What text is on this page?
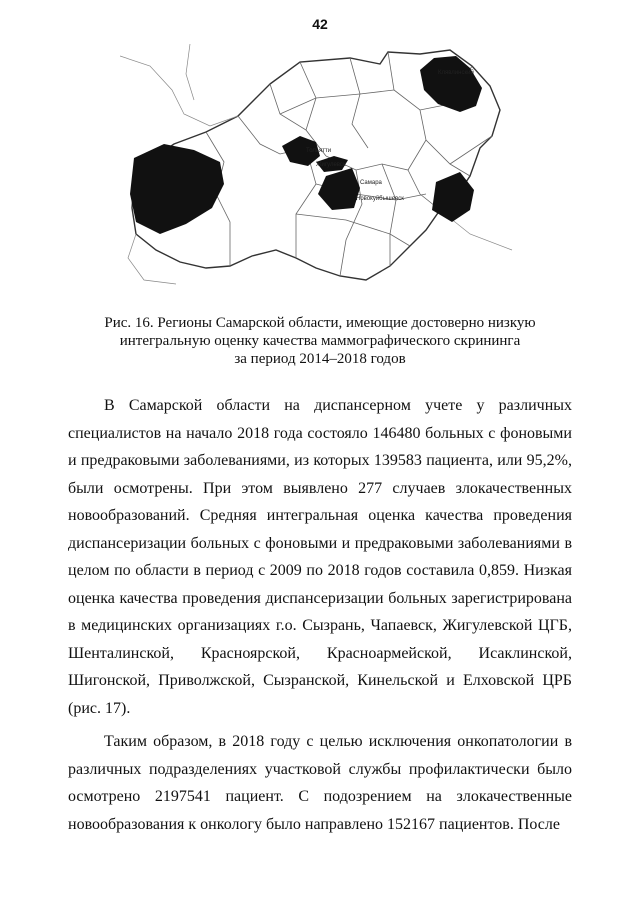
42
Клявлинский
Тольятти
Жигулевск
Самара
Новокуйбышевск
Рис. 16. Регионы Самарской области, имеющие достоверно низкую
интегральную оценку качества маммографического скрининга
за период 2014–2018 годов

В Самарской области на диспансерном учете у различных специалистов на начало 2018 года состояло 146480 больных с фоновыми и предраковыми заболеваниями, из которых 139583 пациента, или 95,2%, были осмотрены. При этом выявлено 277 случаев злокачественных новообразований. Средняя интегральная оценка качества проведения диспансеризации больных с фоновыми и предраковыми заболеваниями в целом по области в период с 2009 по 2018 годов составила 0,859. Низкая оценка качества проведения диспансеризации больных зарегистрирована в медицинских организациях г.о. Сызрань, Чапаевск, Жигулевской ЦГБ, Шенталинской, Красноярской, Красноармейской, Исаклинской, Шигонской, Приволжской, Сызранской, Кинельской и Елховской ЦРБ (рис. 17).

Таким образом, в 2018 году с целью исключения онкопатологии в различных подразделениях участковой службы профилактически было осмотрено 2197541 пациент. С подозрением на злокачественные новообразования к онкологу было направлено 152167 пациентов. После
